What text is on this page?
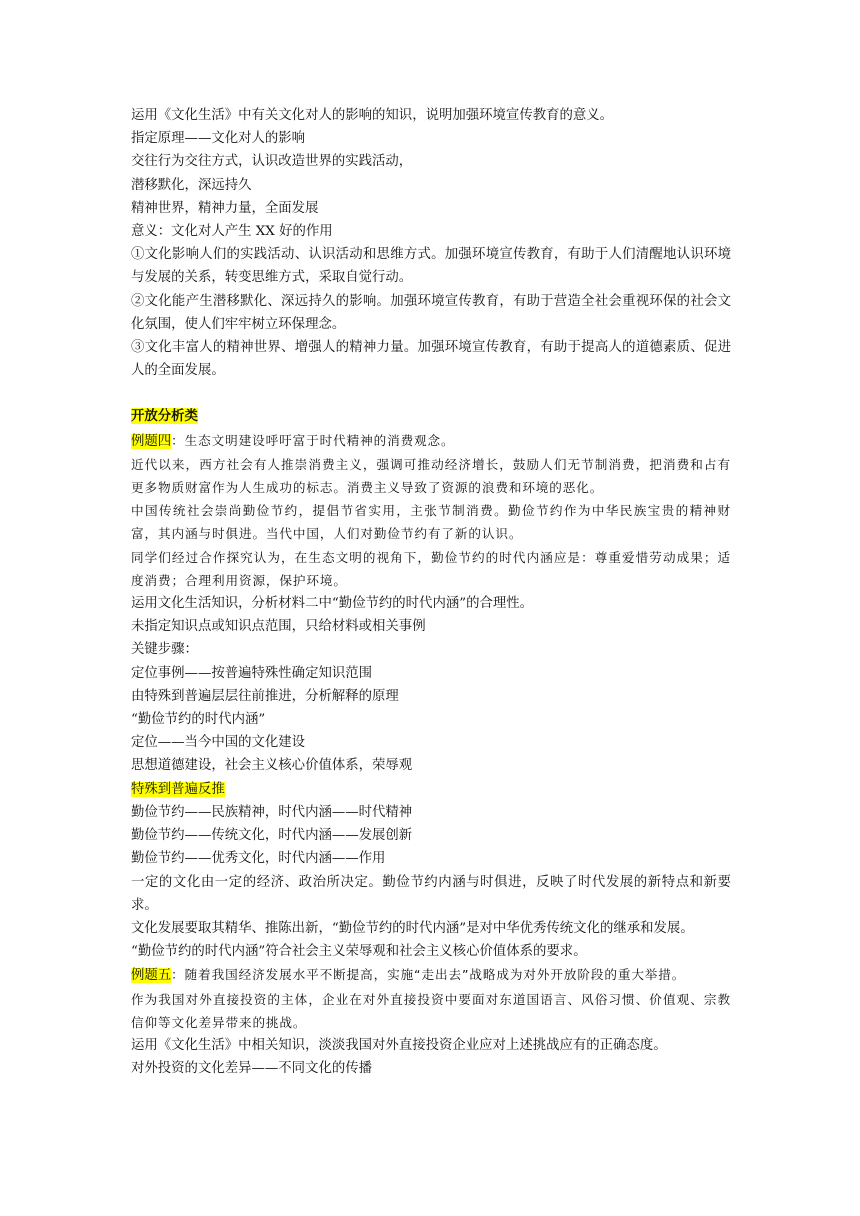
运用《文化生活》中有关文化对人的影响的知识，说明加强环境宣传教育的意义。
指定原理——文化对人的影响
交往行为交往方式，认识改造世界的实践活动，
潜移默化，深远持久
精神世界，精神力量，全面发展
意义：文化对人产生 XX 好的作用
①文化影响人们的实践活动、认识活动和思维方式。加强环境宣传教育，有助于人们清醒地认识环境与发展的关系，转变思维方式，采取自觉行动。
②文化能产生潜移默化、深远持久的影响。加强环境宣传教育，有助于营造全社会重视环保的社会文化氛围，使人们牢牢树立环保理念。
③文化丰富人的精神世界、增强人的精神力量。加强环境宣传教育，有助于提高人的道德素质、促进人的全面发展。
开放分析类
例题四：生态文明建设呼吁富于时代精神的消费观念。
近代以来，西方社会有人推崇消费主义，强调可推动经济增长，鼓励人们无节制消费，把消费和占有更多物质财富作为人生成功的标志。消费主义导致了资源的浪费和环境的恶化。
中国传统社会崇尚勤俭节约，提倡节省实用，主张节制消费。勤俭节约作为中华民族宝贵的精神财富，其内涵与时俱进。当代中国，人们对勤俭节约有了新的认识。
同学们经过合作探究认为，在生态文明的视角下，勤俭节约的时代内涵应是：尊重爱惜劳动成果；适度消费；合理利用资源，保护环境。
运用文化生活知识，分析材料二中“勤俭节约的时代内涵”的合理性。
未指定知识点或知识点范围，只给材料或相关事例
关键步骤：
定位事例——按普遍特殊性确定知识范围
由特殊到普遍层层往前推进，分析解释的原理
“勤俭节约的时代内涵”
定位——当今中国的文化建设
思想道德建设，社会主义核心价值体系，荣辱观
特殊到普遍反推
勤俭节约——民族精神，时代内涵——时代精神
勤俭节约——传统文化，时代内涵——发展创新
勤俭节约——优秀文化，时代内涵——作用
一定的文化由一定的经济、政治所决定。勤俭节约内涵与时俱进，反映了时代发展的新特点和新要求。
文化发展要取其精华、推陈出新，“勤俭节约的时代内涵”是对中华优秀传统文化的继承和发展。
“勤俭节约的时代内涵”符合社会主义荣辱观和社会主义核心价值体系的要求。
例题五：随着我国经济发展水平不断提高，实施“走出去”战略成为对外开放阶段的重大举措。
作为我国对外直接投资的主体，企业在对外直接投资中要面对东道国语言、风俗习惯、价值观、宗教信仰等文化差异带来的挑战。
运用《文化生活》中相关知识，淡淡我国对外直接投资企业应对上述挑战应有的正确态度。
对外投资的文化差异——不同文化的传播
